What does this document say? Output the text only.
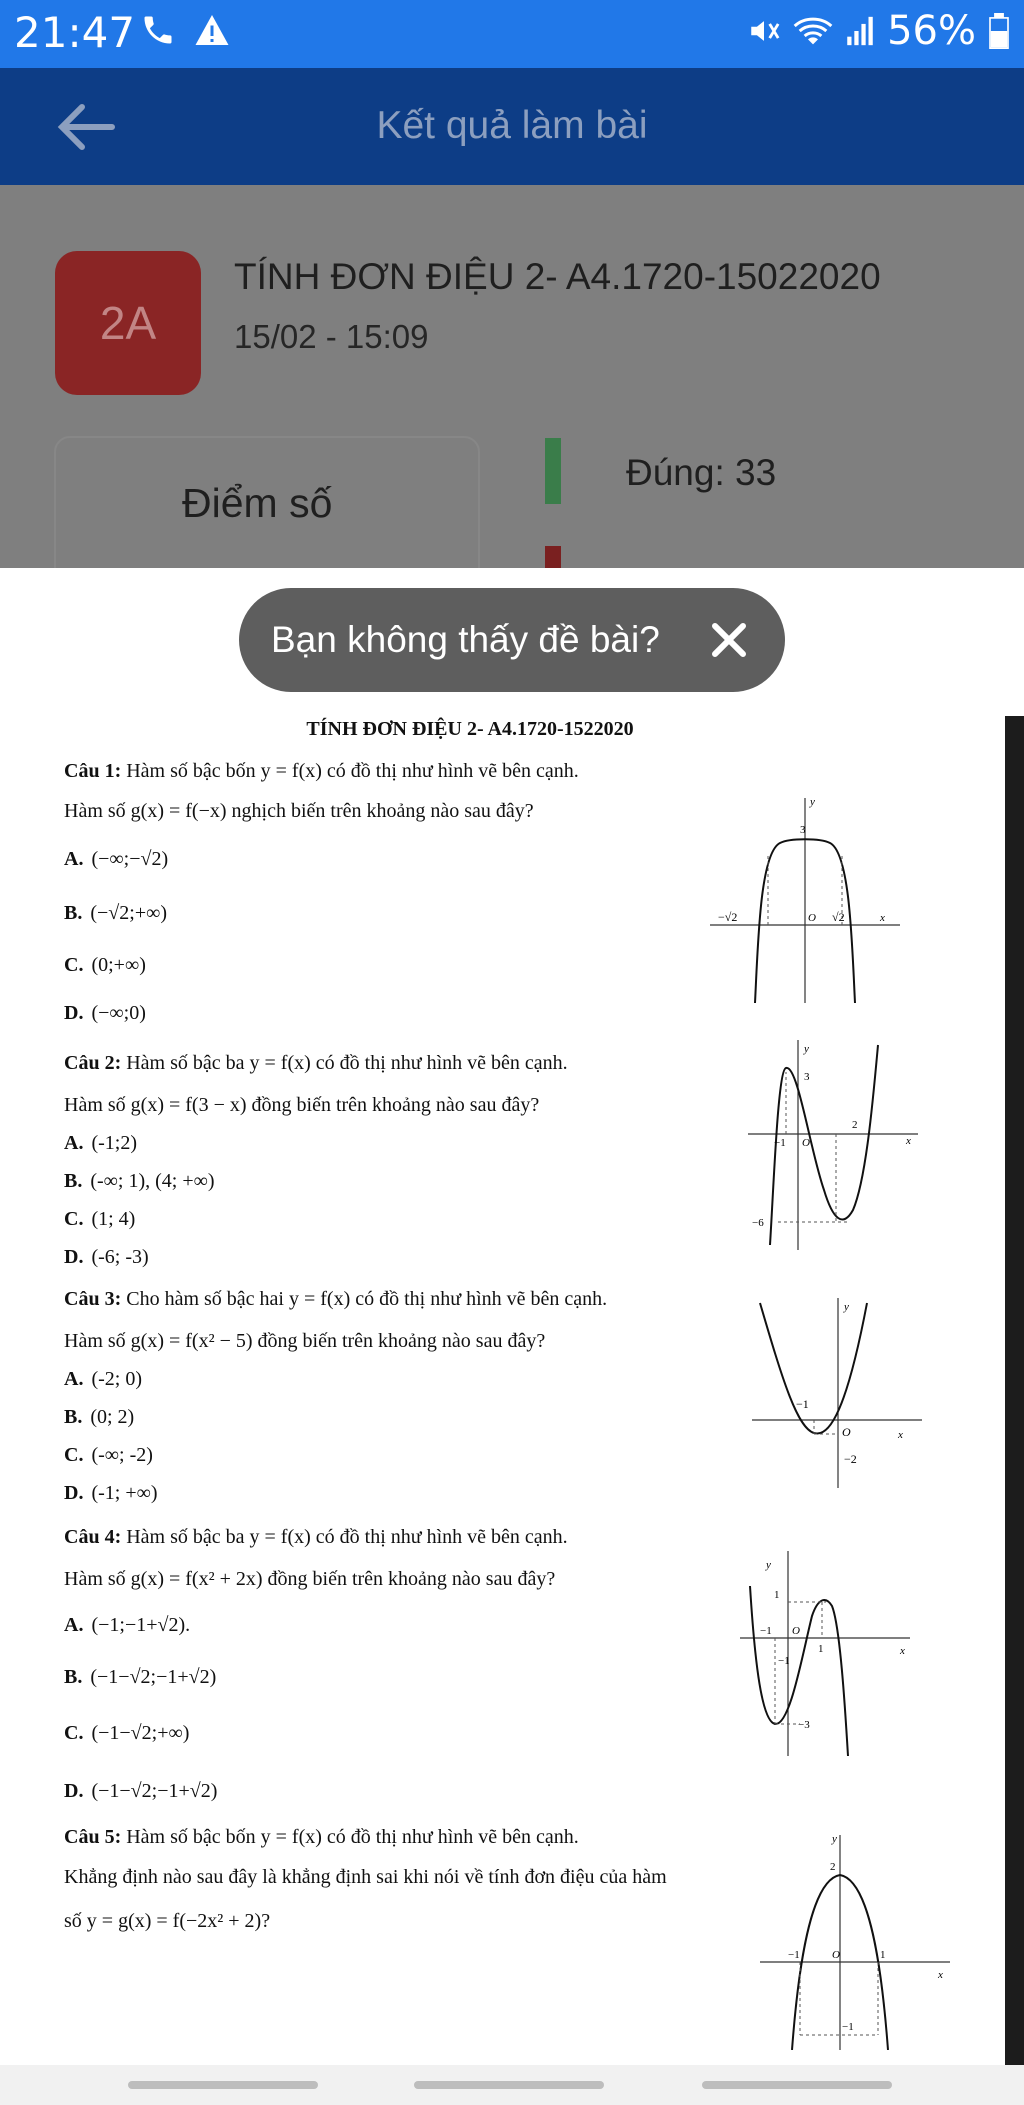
21:47	56%
Kết quả làm bài
2A
TÍNH ĐƠN ĐIỆU 2- A4.1720-15022020
15/02 - 15:09
Điểm số
Đúng: 33
Bạn không thấy đề bài?
TÍNH ĐƠN ĐIỆU 2- A4.1720-1522020
Câu 1: Hàm số bậc bốn y = f(x) có đồ thị như hình vẽ bên cạnh.
Hàm số g(x) = f(−x) nghịch biến trên khoảng nào sau đây?
A. (−∞;−√2)
B. (−√2;+∞)
C. (0;+∞)
D. (−∞;0)
y
x
3
O
−√2	√2
Câu 2: Hàm số bậc ba y = f(x) có đồ thị như hình vẽ bên cạnh.
Hàm số g(x) = f(3 − x) đồng biến trên khoảng nào sau đây?
A. (-1;2)
B. (-∞; 1), (4; +∞)
C. (1; 4)
D. (-6; -3)
y
x
3
−1 O
2
−6
Câu 3: Cho hàm số bậc hai y = f(x) có đồ thị như hình vẽ bên cạnh.
Hàm số g(x) = f(x² − 5) đồng biến trên khoảng nào sau đây?
A. (-2; 0)
B. (0; 2)
C. (-∞; -2)
D. (-1; +∞)
y
x
−1
O
−2
Câu 4: Hàm số bậc ba y = f(x) có đồ thị như hình vẽ bên cạnh.
Hàm số g(x) = f(x² + 2x) đồng biến trên khoảng nào sau đây?
A. (−1;−1+√2).
B. (−1−√2;−1+√2)
C. (−1−√2;+∞)
D. (−1−√2;−1+√2)
y
x
1
−1 O
1
−1
−3
Câu 5: Hàm số bậc bốn y = f(x) có đồ thị như hình vẽ bên cạnh.
Khẳng định nào sau đây là khẳng định sai khi nói về tính đơn điệu của hàm
số y = g(x) = f(−2x² + 2)?
y
x
2
−1	O	1
−1
